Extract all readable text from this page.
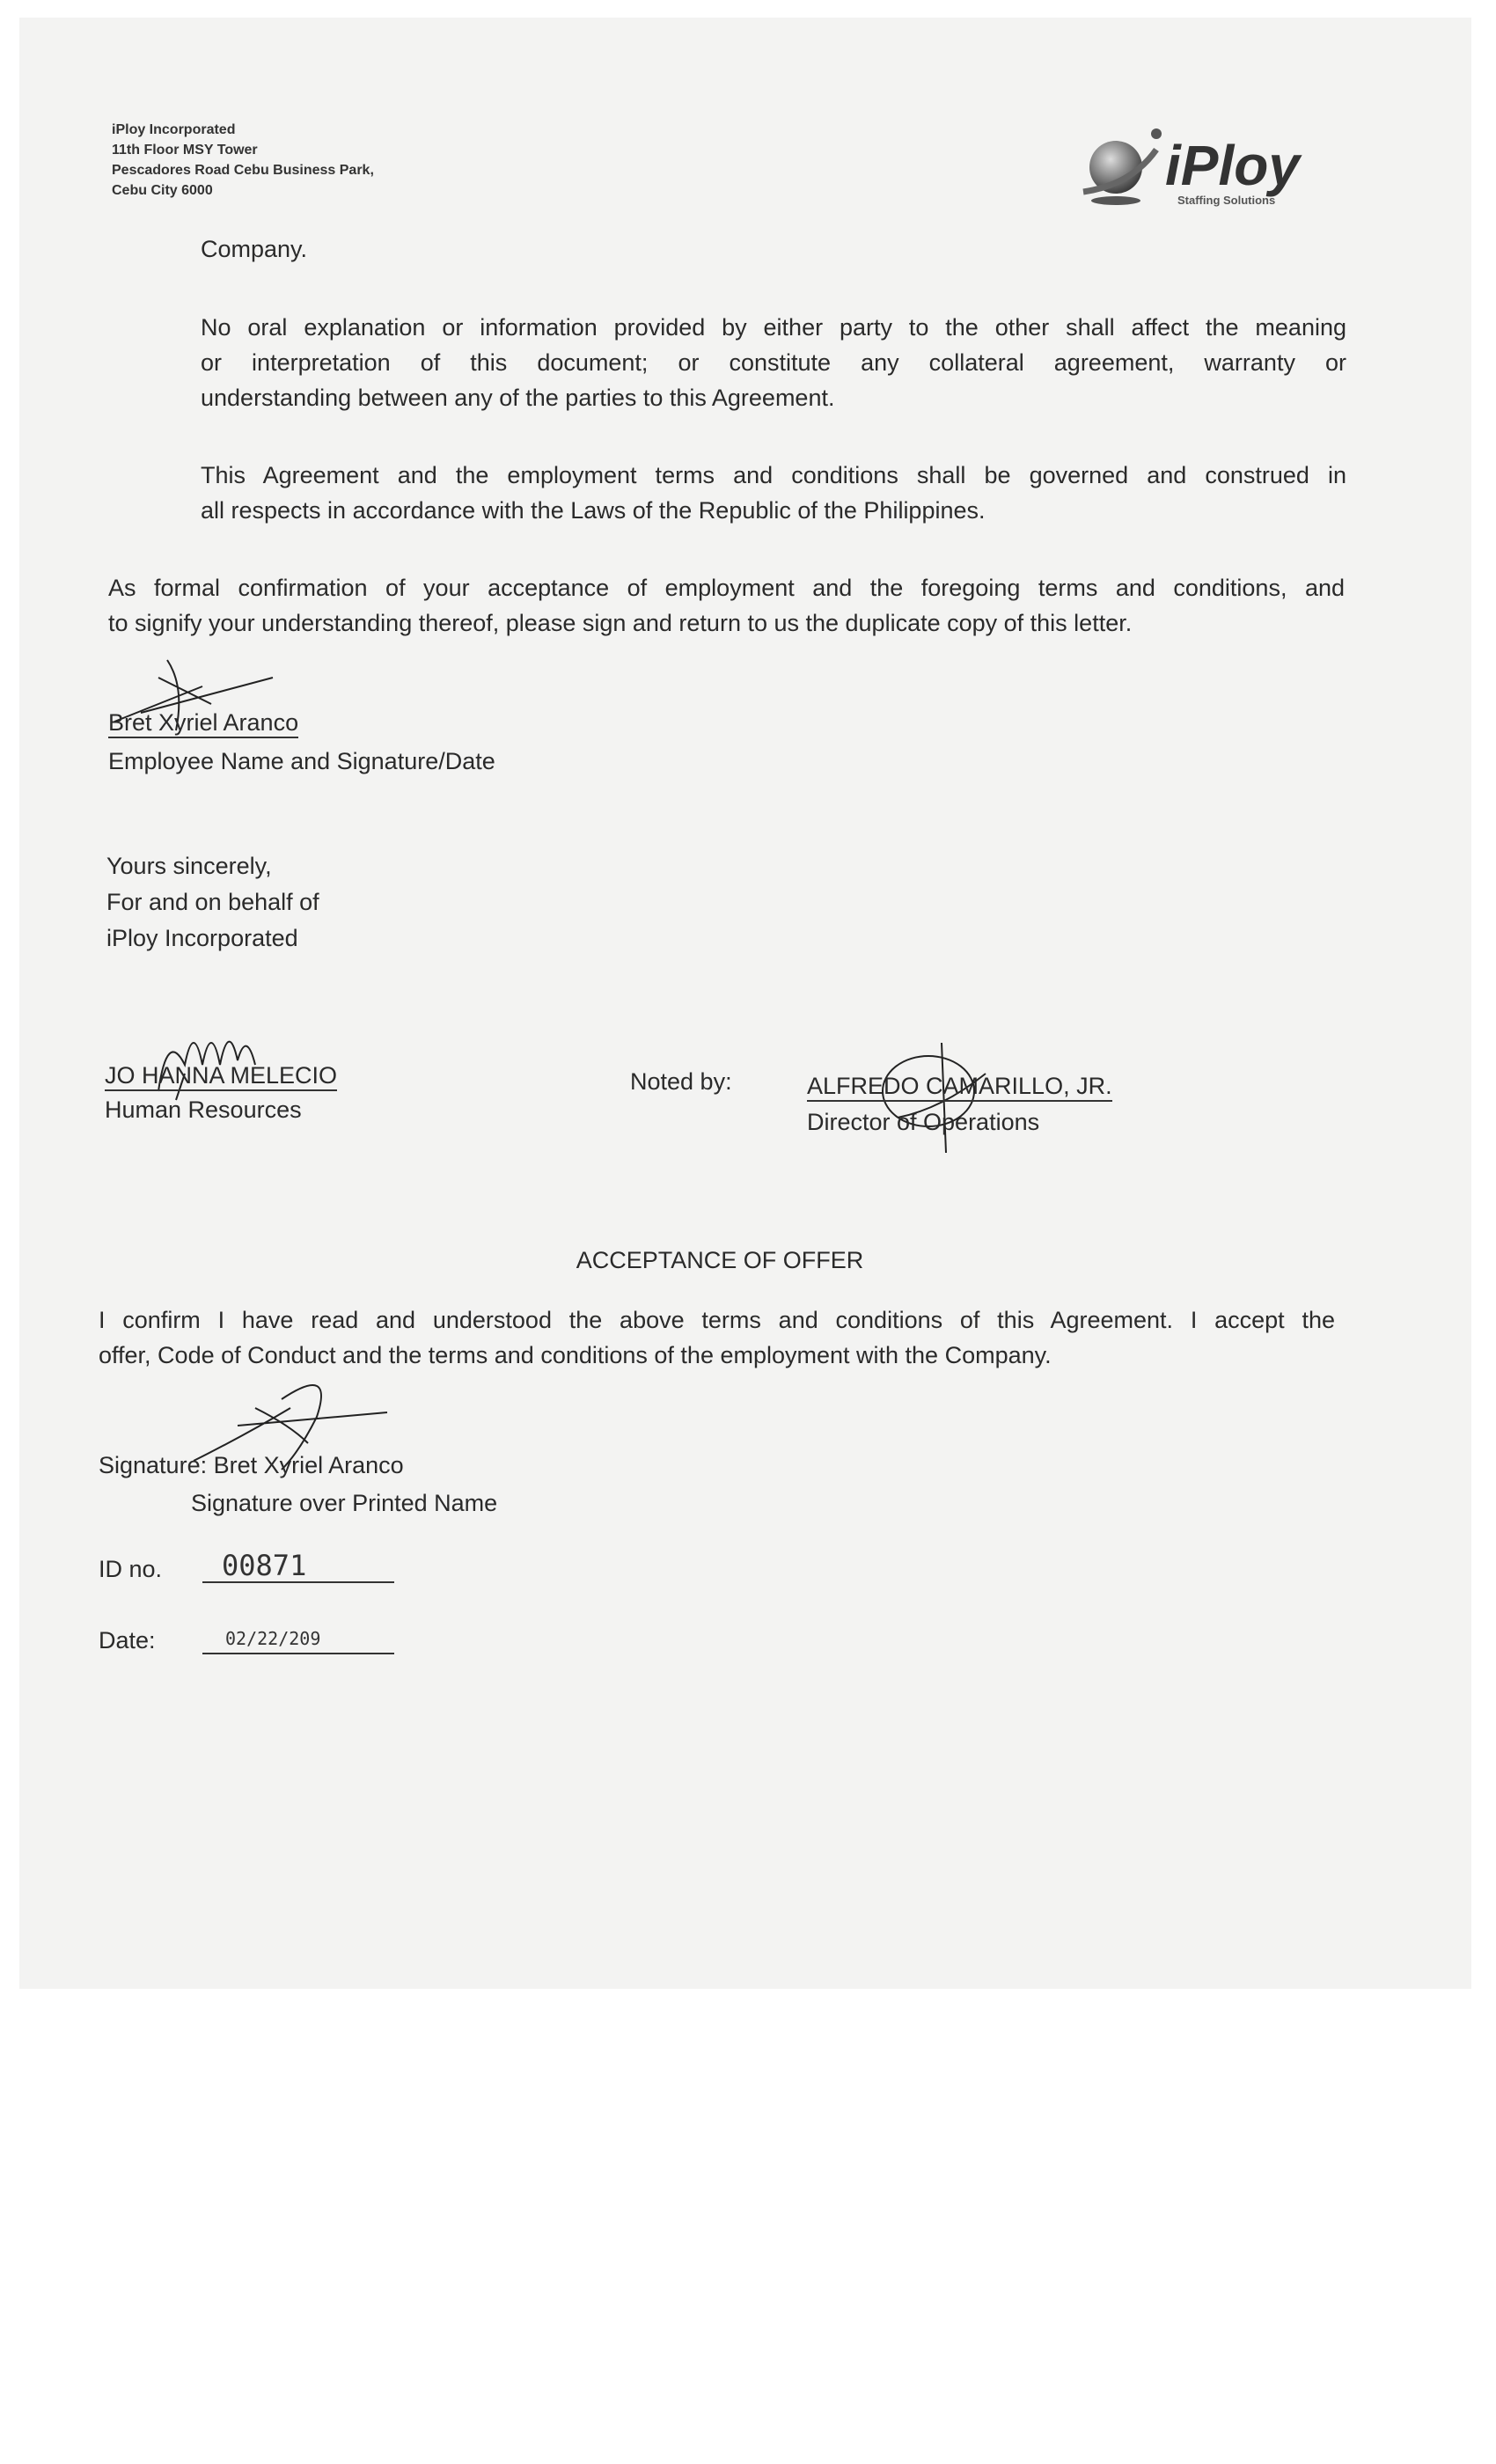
iPloy Incorporated
11th Floor MSY Tower
Pescadores Road Cebu Business Park,
Cebu City 6000	iPloy
Staffing Solutions
Company.
No oral explanation or information provided by either party to the other shall affect the meaning
or interpretation of this document; or constitute any collateral agreement, warranty or
understanding between any of the parties to this Agreement.
This Agreement and the employment terms and conditions shall be governed and construed in
all respects in accordance with the Laws of the Republic of the Philippines.
As formal confirmation of your acceptance of employment and the foregoing terms and conditions, and
to signify your understanding thereof, please sign and return to us the duplicate copy of this letter.
Bret Xyriel Aranco
Employee Name and Signature/Date
Yours sincerely,
For and on behalf of
iPloy Incorporated
JO HANNA MELECIO
Human Resources
Noted by:	ALFREDO CAMARILLO, JR.
Director of Operations
ACCEPTANCE OF OFFER
I confirm I have read and understood the above terms and conditions of this Agreement. I accept the
offer, Code of Conduct and the terms and conditions of the employment with the Company.
Signature: Bret Xyriel Aranco
Signature over Printed Name
ID no. 00871
Date:	02/22/209
